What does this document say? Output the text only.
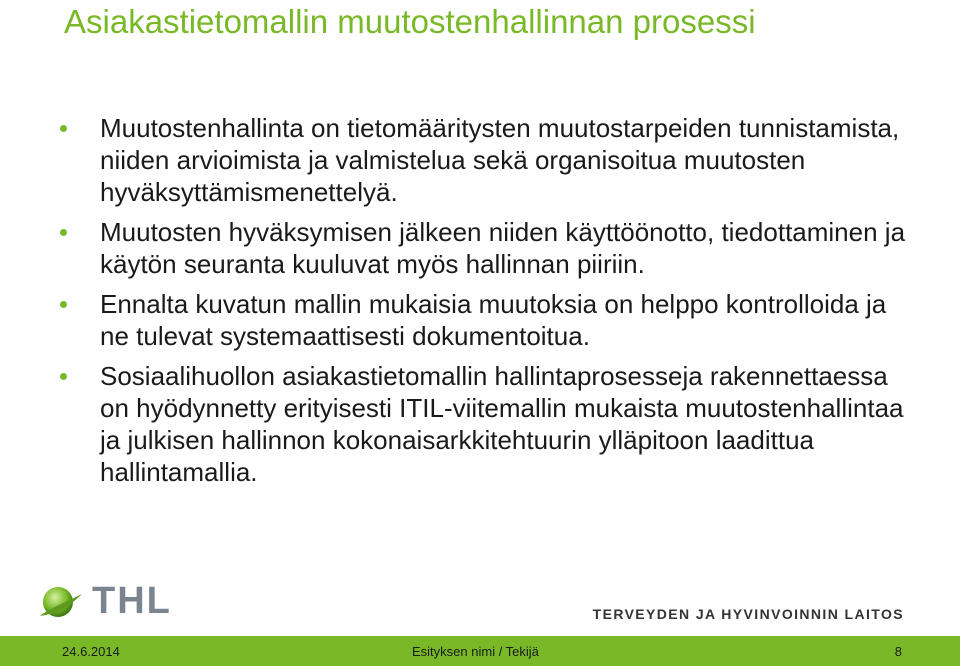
Asiakastietomallin muutostenhallinnan prosessi
Muutostenhallinta on tietomääritysten muutostarpeiden tunnistamista, niiden arvioimista ja valmistelua sekä organisoitua muutosten hyväksyttämismenettelyä.
Muutosten hyväksymisen jälkeen niiden käyttöönotto, tiedottaminen ja käytön seuranta kuuluvat myös hallinnan piiriin.
Ennalta kuvatun mallin mukaisia muutoksia on helppo kontrolloida ja ne tulevat systemaattisesti dokumentoitua.
Sosiaalihuollon asiakastietomallin hallintaprosesseja rakennettaessa on hyödynnetty erityisesti ITIL-viitemallin mukaista muutostenhallintaa ja julkisen hallinnon kokonaisarkkitehtuurin ylläpitoon laadittua hallintamallia.
THL	TERVEYDEN JA HYVINVOINNIN LAITOS
24.6.2014	Esityksen nimi / Tekijä	8
